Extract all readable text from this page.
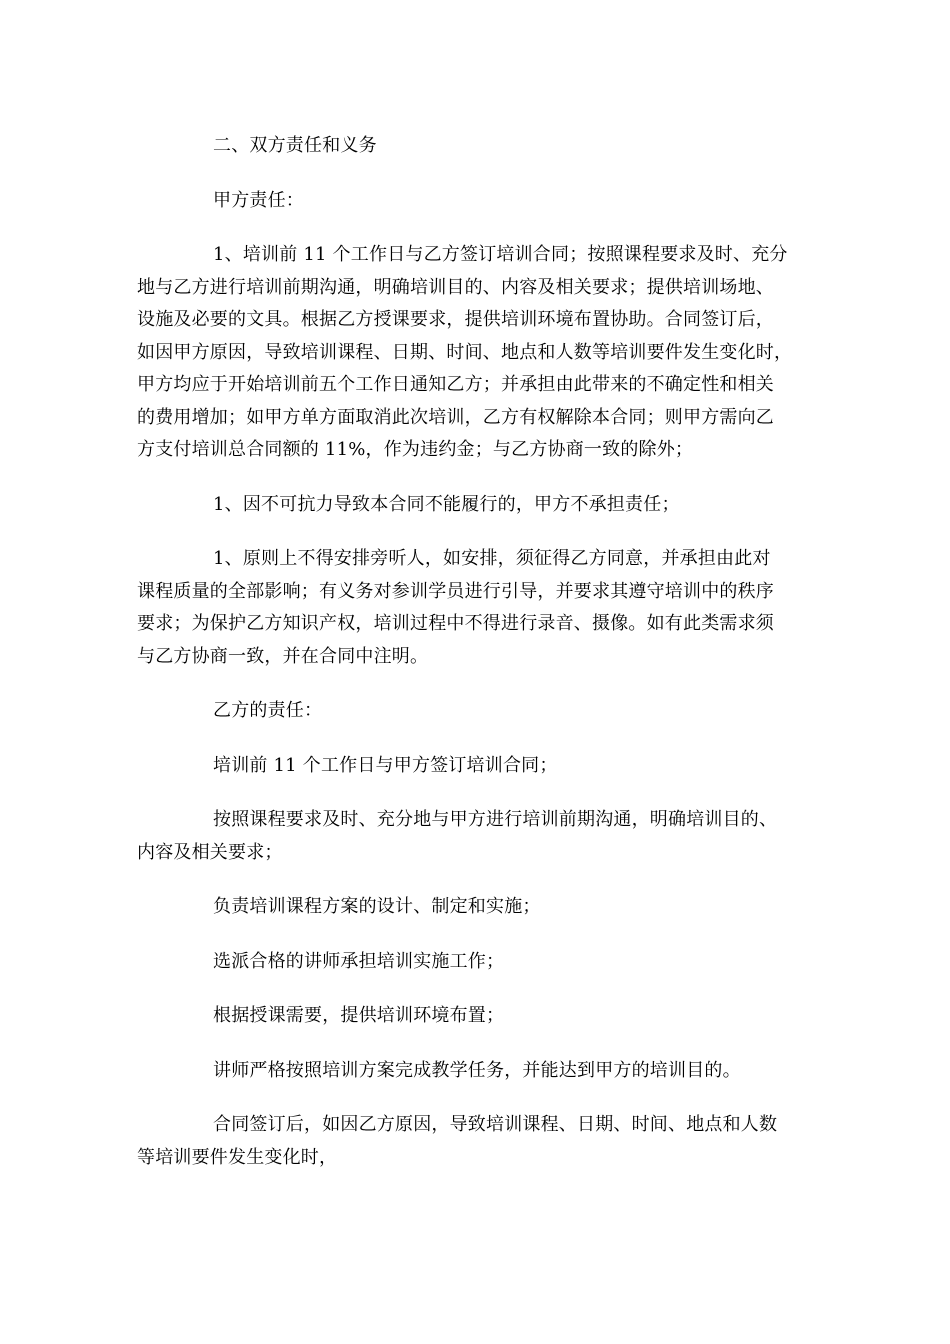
二、双方责任和义务

甲方责任：

1、培训前 11 个工作日与乙方签订培训合同；按照课程要求及时、充分
地与乙方进行培训前期沟通，明确培训目的、内容及相关要求；提供培训场地、
设施及必要的文具。根据乙方授课要求，提供培训环境布置协助。合同签订后，
如因甲方原因，导致培训课程、日期、时间、地点和人数等培训要件发生变化时，
甲方均应于开始培训前五个工作日通知乙方；并承担由此带来的不确定性和相关
的费用增加；如甲方单方面取消此次培训，乙方有权解除本合同；则甲方需向乙
方支付培训总合同额的 11%，作为违约金；与乙方协商一致的除外；

1、因不可抗力导致本合同不能履行的，甲方不承担责任；

1、原则上不得安排旁听人，如安排，须征得乙方同意，并承担由此对
课程质量的全部影响；有义务对参训学员进行引导，并要求其遵守培训中的秩序
要求；为保护乙方知识产权，培训过程中不得进行录音、摄像。如有此类需求须
与乙方协商一致，并在合同中注明。

乙方的责任：

培训前 11 个工作日与甲方签订培训合同；

按照课程要求及时、充分地与甲方进行培训前期沟通，明确培训目的、
内容及相关要求；

负责培训课程方案的设计、制定和实施；

选派合格的讲师承担培训实施工作；

根据授课需要，提供培训环境布置；

讲师严格按照培训方案完成教学任务，并能达到甲方的培训目的。

合同签订后，如因乙方原因，导致培训课程、日期、时间、地点和人数
等培训要件发生变化时，
